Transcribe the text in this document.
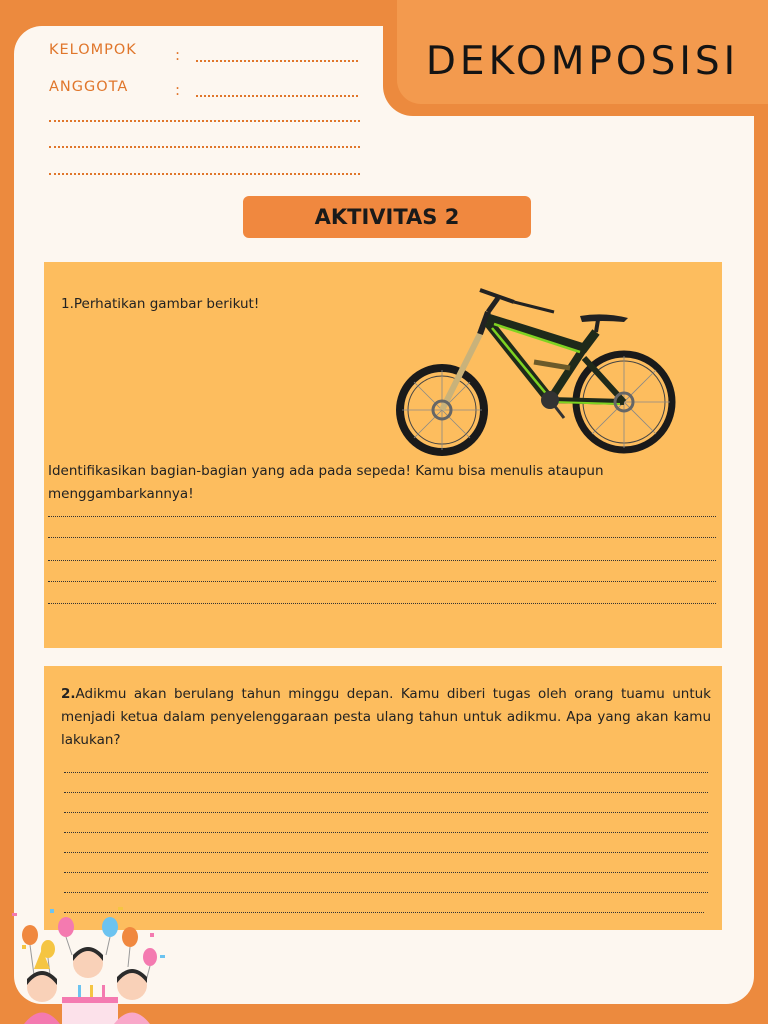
DEKOMPOSISI
KELOMPOK	:
ANGGOTA	:
AKTIVITAS 2
1.Perhatikan gambar berikut!
Identifikasikan bagian-bagian yang ada pada sepeda! Kamu bisa menulis ataupun menggambarkannya!
2.Adikmu akan berulang tahun minggu depan. Kamu diberi tugas oleh orang tuamu untuk menjadi ketua dalam penyelenggaraan pesta ulang tahun untuk adikmu. Apa yang akan kamu lakukan?
